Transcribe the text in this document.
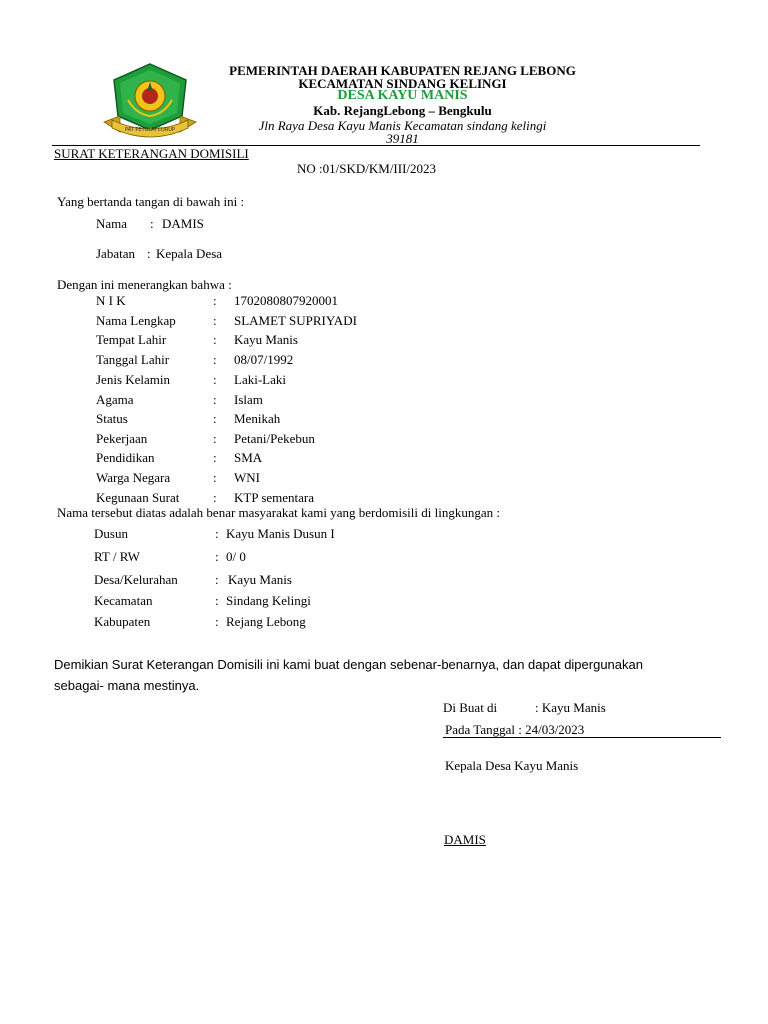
PAT PETULAI CURUP
PEMERINTAH DAERAH KABUPATEN REJANG LEBONG
KECAMATAN SINDANG KELINGI
DESA KAYU MANIS
Kab. RejangLebong – Bengkulu
Jln Raya Desa Kayu Manis Kecamatan sindang kelingi
39181
SURAT KETERANGAN DOMISILI
NO :01/SKD/KM/III/2023
Yang bertanda tangan di bawah ini :
Nama : DAMIS
Jabatan : Kepala Desa
Dengan ini menerangkan bahwa :
N I K	: 1702080807920001
Nama Lengkap	: SLAMET SUPRIYADI
Tempat Lahir	: Kayu Manis
Tanggal Lahir	: 08/07/1992
Jenis Kelamin	: Laki-Laki
Agama	: Islam
Status	: Menikah
Pekerjaan	: Petani/Pekebun
Pendidikan	: SMA
Warga Negara	: WNI
Kegunaan Surat	: KTP sementara
Nama tersebut diatas adalah benar masyarakat kami yang berdomisili di lingkungan :
Dusun	: Kayu Manis Dusun I
RT / RW	: 0/ 0
Desa/Kelurahan	: Kayu Manis
Kecamatan	: Sindang Kelingi
Kabupaten	: Rejang Lebong
Demikian Surat Keterangan Domisili ini kami buat dengan sebenar-benarnya, dan dapat dipergunakan
sebagai- mana mestinya.
Di Buat di	: Kayu Manis
Pada Tanggal : 24/03/2023
Kepala Desa Kayu Manis
DAMIS
